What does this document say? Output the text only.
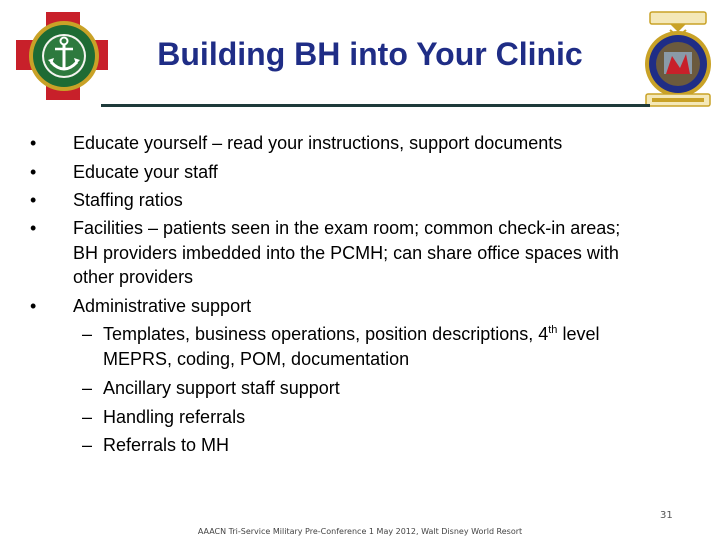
Building BH into Your Clinic
• Educate yourself – read your instructions, support documents
• Educate your staff
• Staffing ratios
• Facilities – patients seen in the exam room; common check-in areas;
BH providers imbedded into the PCMH; can share office spaces with
other providers
• Administrative support
– Templates, business operations, position descriptions, 4th level
MEPRS, coding, POM, documentation
– Ancillary support staff support
– Handling referrals
– Referrals to MH
31
AAACN Tri-Service Military Pre-Conference 1 May 2012, Walt Disney World Resort
